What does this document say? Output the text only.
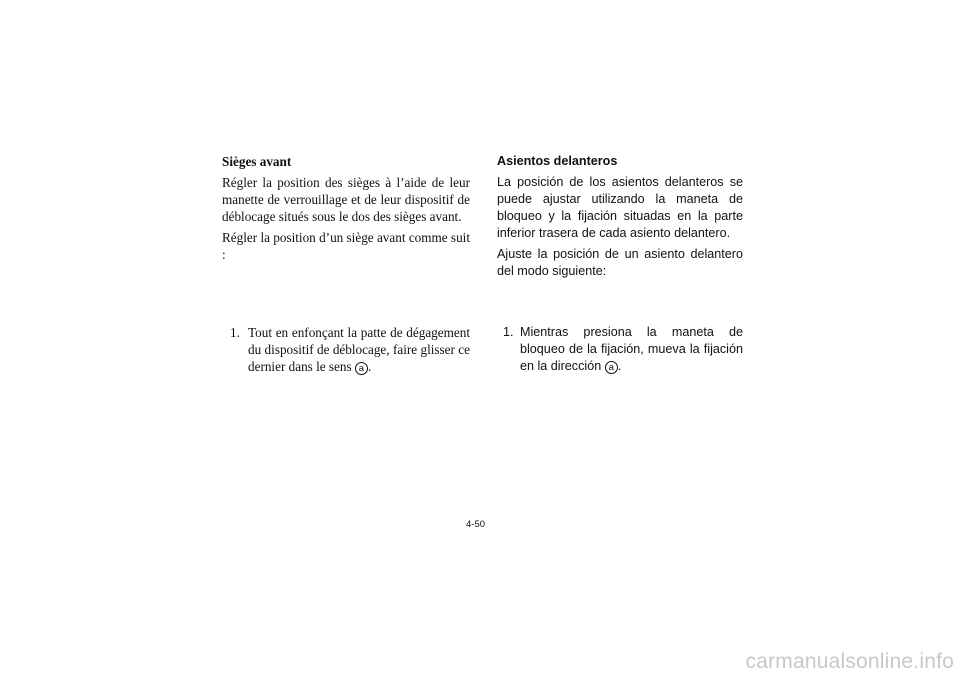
Sièges avant
Régler la position des sièges à l’aide de leur manette de verrouillage et de leur dispositif de déblocage situés sous le dos des sièges avant.
Régler la position d’un siège avant comme suit :
1. Tout en enfonçant la patte de dégagement du dispositif de déblocage, faire glisser ce dernier dans le sens a .
Asientos delanteros
La posición de los asientos delanteros se puede ajustar utilizando la maneta de bloqueo y la fijación situadas en la parte inferior trasera de cada asiento delantero.
Ajuste la posición de un asiento delantero del modo siguiente:
1. Mientras presiona la maneta de bloqueo de la fijación, mueva la fijación en la dirección a .
4-50
carmanualsonline.info
